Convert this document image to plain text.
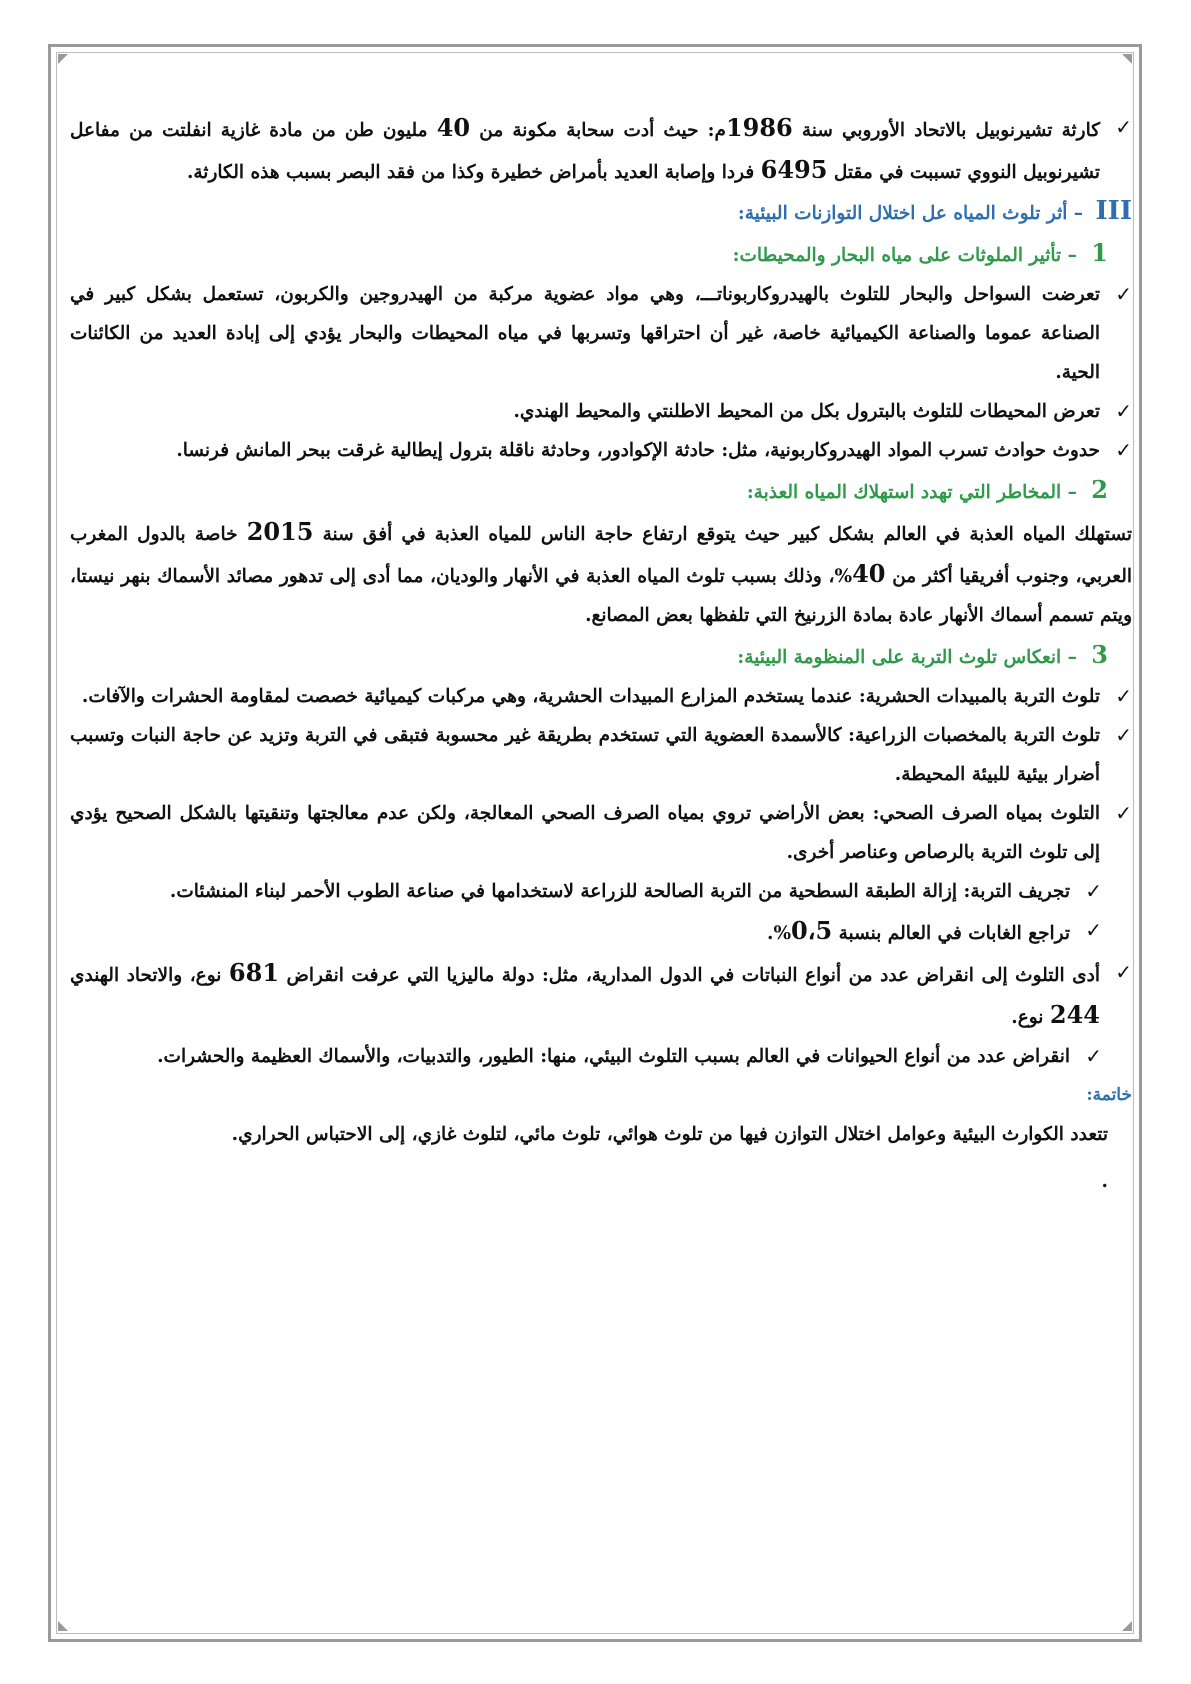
✓
كارثة تشيرنوبيل بالاتحاد الأوروبي سنة 1986م: حيث أدت سحابة مكونة من 40 مليون طن من مادة غازية انفلتت من مفاعل تشيرنوبيل النووي تسببت في مقتل 6495 فردا وإصابة العديد بأمراض خطيرة وكذا من فقد البصر بسبب هذه الكارثة.

III – أثر تلوث المياه عل اختلال التوازنات البيئية:

1 – تأثير الملوثات على مياه البحار والمحيطات:

✓
تعرضت السواحل والبحار للتلوث بالهيدروكاربوناتـــ، وهي مواد عضوية مركبة من الهيدروجين والكربون، تستعمل بشكل كبير في الصناعة عموما والصناعة الكيميائية خاصة، غير أن احتراقها وتسربها في مياه المحيطات والبحار يؤدي إلى إبادة العديد من الكائنات الحية.

✓
تعرض المحيطات للتلوث بالبترول بكل من المحيط الاطلنتي والمحيط الهندي.

✓
حدوث حوادث تسرب المواد الهيدروكاربونية، مثل: حادثة الإكوادور، وحادثة ناقلة بترول إيطالية غرقت ببحر المانش فرنسا.

2 – المخاطر التي تهدد استهلاك المياه العذبة:

تستهلك المياه العذبة في العالم بشكل كبير حيث يتوقع ارتفاع حاجة الناس للمياه العذبة في أفق سنة 2015 خاصة بالدول المغرب العربي، وجنوب أفريقيا أكثر من 40%، وذلك بسبب تلوث المياه العذبة في الأنهار والوديان، مما أدى إلى تدهور مصائد الأسماك بنهر نيستا، ويتم تسمم أسماك الأنهار عادة بمادة الزرنيخ التي تلفظها بعض المصانع.

3 – انعكاس تلوث التربة على المنظومة البيئية:

✓
تلوث التربة بالمبيدات الحشرية: عندما يستخدم المزارع المبيدات الحشرية، وهي مركبات كيميائية خصصت لمقاومة الحشرات والآفات.

✓
تلوث التربة بالمخصبات الزراعية: كالأسمدة العضوية التي تستخدم بطريقة غير محسوبة فتبقى في التربة وتزيد عن حاجة النبات وتسبب أضرار بيئية للبيئة المحيطة.

✓
التلوث بمياه الصرف الصحي: بعض الأراضي تروي بمياه الصرف الصحي المعالجة، ولكن عدم معالجتها وتنقيتها بالشكل الصحيح يؤدي إلى تلوث التربة بالرصاص وعناصر أخرى.

✓
تجريف التربة: إزالة الطبقة السطحية من التربة الصالحة للزراعة لاستخدامها في صناعة الطوب الأحمر لبناء المنشئات.

✓
تراجع الغابات في العالم بنسبة 0،5%.

✓
أدى التلوث إلى انقراض عدد من أنواع النباتات في الدول المدارية، مثل: دولة ماليزيا التي عرفت انقراض 681 نوع، والاتحاد الهندي 244 نوع.

✓
انقراض عدد من أنواع الحيوانات في العالم بسبب التلوث البيئي، منها: الطيور، والتدبيات، والأسماك العظيمة والحشرات.

خاتمة:

تتعدد الكوارث البيئية وعوامل اختلال التوازن فيها من تلوث هوائي، تلوث مائي، لتلوث غازي، إلى الاحتباس الحراري.

.
